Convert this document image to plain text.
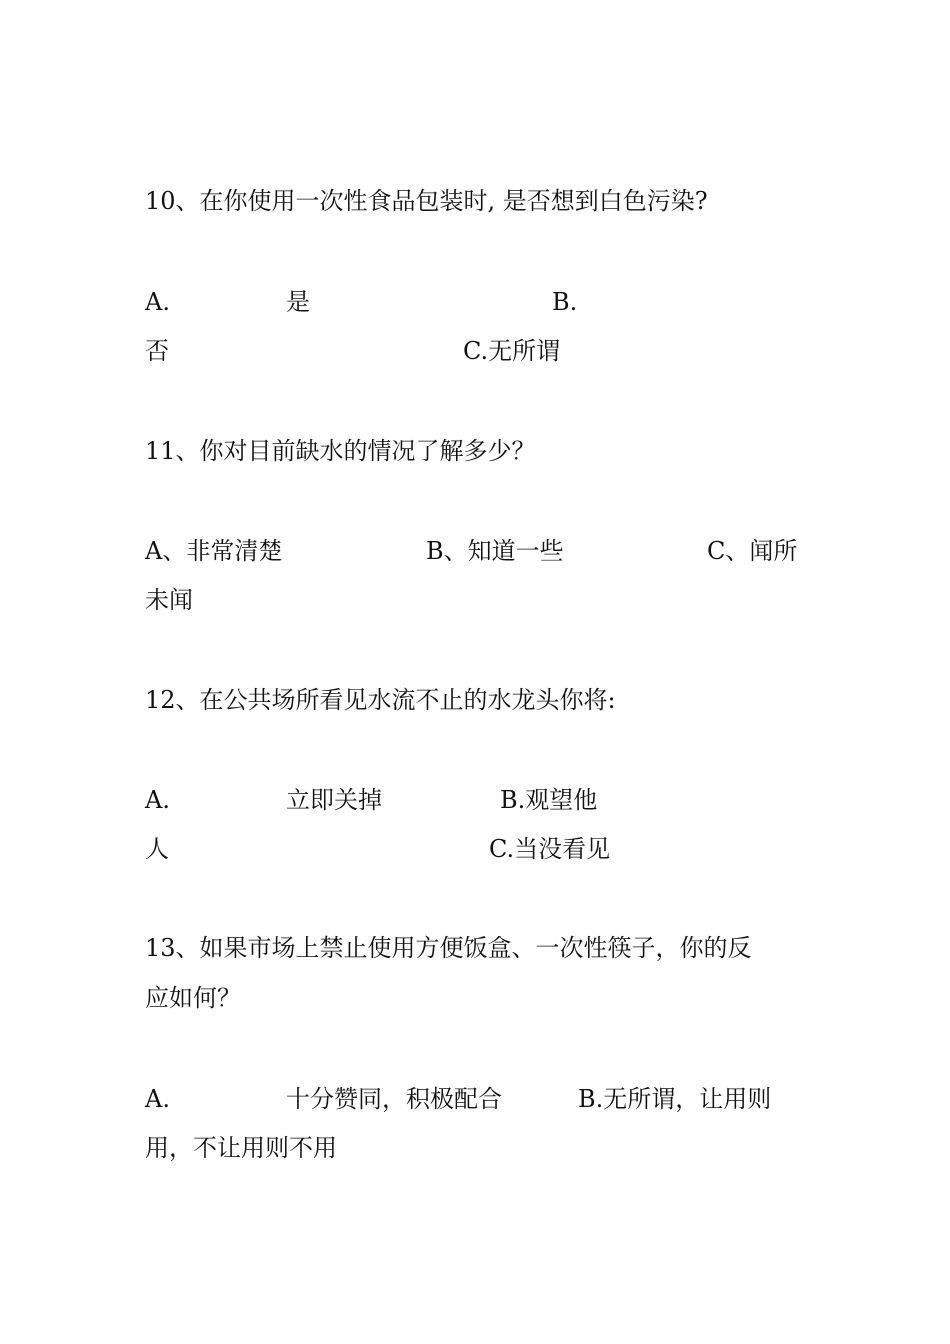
10、在你使用一次性食品包装时, 是否想到白色污染?
A.	是	B.
否	C.无所谓
11、你对目前缺水的情况了解多少？
A、非常清楚	B、知道一些	C、闻所
未闻
12、在公共场所看见水流不止的水龙头你将:
A.	立即关掉	B.观望他
人	C.当没看见
13、如果市场上禁止使用方便饭盒、一次性筷子，你的反
应如何？
A.	十分赞同，积极配合	B.无所谓，让用则
用，不让用则不用
